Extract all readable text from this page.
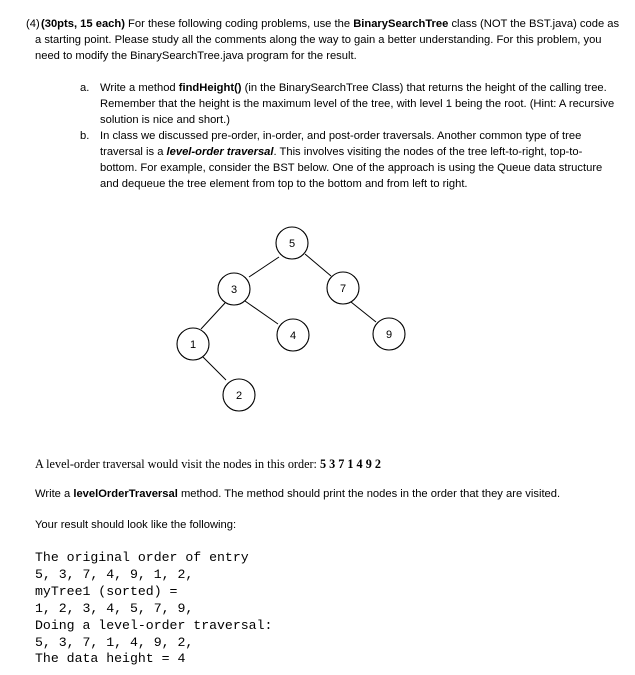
(4) (30pts, 15 each) For these following coding problems, use the BinarySearchTree class (NOT the BST.java) code as a starting point. Please study all the comments along the way to gain a better understanding. For this problem, you need to modify the BinarySearchTree.java program for the result.
a. Write a method findHeight() (in the BinarySearchTree Class) that returns the height of the calling tree. Remember that the height is the maximum level of the tree, with level 1 being the root. (Hint: A recursive solution is nice and short.)
b. In class we discussed pre-order, in-order, and post-order traversals. Another common type of tree traversal is a level-order traversal. This involves visiting the nodes of the tree left-to-right, top-to-bottom. For example, consider the BST below. One of the approach is using the Queue data structure and dequeue the tree element from top to the bottom and from left to right.
5
3	7
4	9
1
2
A level-order traversal would visit the nodes in this order: 5 3 7 1 4 9 2
Write a levelOrderTraversal method. The method should print the nodes in the order that they are visited.
Your result should look like the following:
The original order of entry
5, 3, 7, 4, 9, 1, 2,
myTree1 (sorted) =
1, 2, 3, 4, 5, 7, 9,
Doing a level-order traversal:
5, 3, 7, 1, 4, 9, 2,
The data height = 4
